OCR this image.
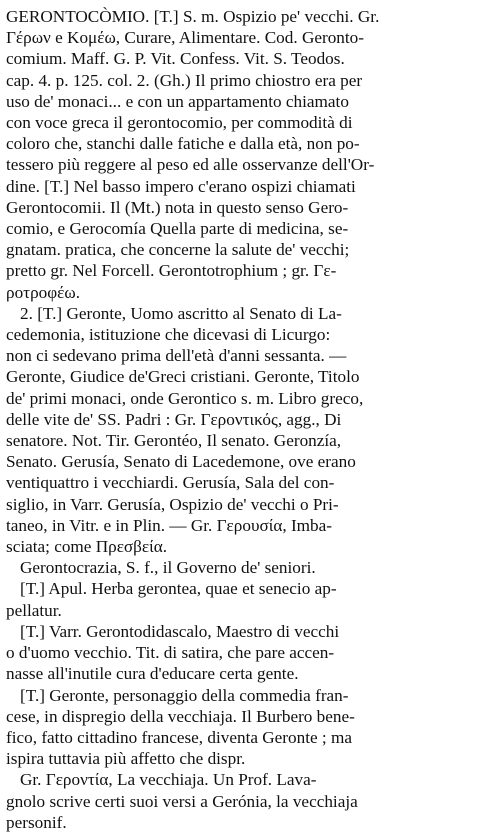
GERONTOCÒMIO. [T.] S. m. Ospizio pe' vecchi. Gr.
Γέρων e Κομέω, Curare, Alimentare. Cod. Geronto-
comium. Maff. G. P. Vit. Confess. Vit. S. Teodos.
cap. 4. p. 125. col. 2. (Gh.) Il primo chiostro era per
uso de' monaci... e con un appartamento chiamato
con voce greca il gerontocomio, per commodità di
coloro che, stanchi dalle fatiche e dalla età, non po-
tessero più reggere al peso ed alle osservanze dell'Or-
dine. [T.] Nel basso impero c'erano ospizi chiamati
Gerontocomii. Il (Mt.) nota in questo senso Gero-
comio, e Gerocomía Quella parte di medicina, se-
gnatam. pratica, che concerne la salute de' vecchi;
pretto gr. Nel Forcell. Gerontotrophium ; gr. Γε-
ροτροφέω.
2. [T.] Geronte, Uomo ascritto al Senato di La-
cedemonia, istituzione che dicevasi di Licurgo:
non ci sedevano prima dell'età d'anni sessanta. —
Geronte, Giudice de'Greci cristiani. Geronte, Titolo
de' primi monaci, onde Geronticо s. m. Libro greco,
delle vite de' SS. Padri : Gr. Γεροντικός, agg., Di
senatore. Not. Tir. Gerontéo, Il senato. Geronzía,
Senato. Gerusía, Senato di Lacedemone, ove erano
ventiquattro i vecchiardi. Gerusía, Sala del con-
siglio, in Varr. Gerusía, Ospizio de' vecchi o Pri-
taneo, in Vitr. e in Plin. — Gr. Γερουσία, Imba-
sciata; come Πρεσβεία.
Gerontocrazia, S. f., il Governo de' seniori.
[T.] Apul. Herba gerontea, quae et senecio ap-
pellatur.
[T.] Varr. Gerontodidascalo, Maestro di vecchi
o d'uomo vecchio. Tit. di satira, che pare accen-
nasse all'inutile cura d'educare certa gente.
[T.] Geronte, personaggio della commedia fran-
cese, in dispregio della vecchiaja. Il Burbero bene-
fico, fatto cittadino francese, diventa Geronte ; ma
ispira tuttavia più affetto che dispr.
Gr. Γεροντία, La vecchiaja. Un Prof. Lava-
gnolo scrive certi suoi versi a Gerónia, la vecchiaja
personif.
